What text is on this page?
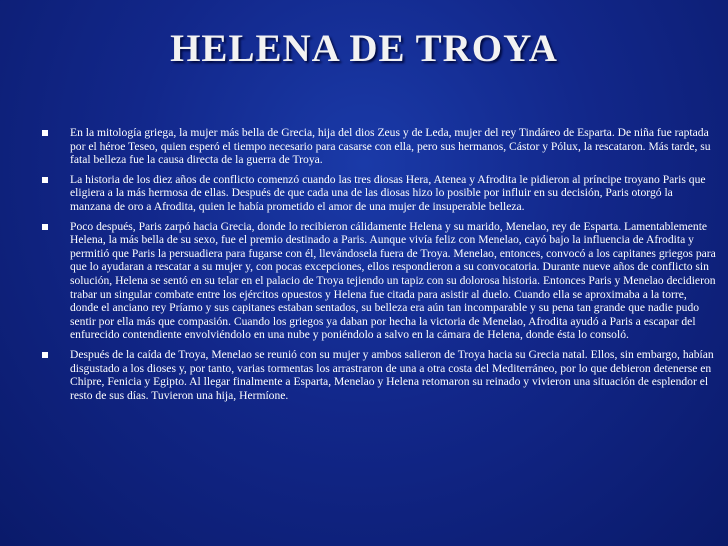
HELENA DE TROYA
En la mitología griega, la mujer más bella de Grecia, hija del dios Zeus y de Leda, mujer del rey Tindáreo de Esparta. De niña fue raptada por el héroe Teseo, quien esperó el tiempo necesario para casarse con ella, pero sus hermanos, Cástor y Pólux, la rescataron. Más tarde, su fatal belleza fue la causa directa de la guerra de Troya.
La historia de los diez años de conflicto comenzó cuando las tres diosas Hera, Atenea y Afrodita le pidieron al príncipe troyano Paris que eligiera a la más hermosa de ellas. Después de que cada una de las diosas hizo lo posible por influir en su decisión, Paris otorgó la manzana de oro a Afrodita, quien le había prometido el amor de una mujer de insuperable belleza.
Poco después, Paris zarpó hacia Grecia, donde lo recibieron cálidamente Helena y su marido, Menelao, rey de Esparta. Lamentablemente Helena, la más bella de su sexo, fue el premio destinado a Paris. Aunque vivía feliz con Menelao, cayó bajo la influencia de Afrodita y permitió que Paris la persuadiera para fugarse con él, llevándosela fuera de Troya. Menelao, entonces, convocó a los capitanes griegos para que lo ayudaran a rescatar a su mujer y, con pocas excepciones, ellos respondieron a su convocatoria. Durante nueve años de conflicto sin solución, Helena se sentó en su telar en el palacio de Troya tejiendo un tapiz con su dolorosa historia. Entonces Paris y Menelao decidieron trabar un singular combate entre los ejércitos opuestos y Helena fue citada para asistir al duelo. Cuando ella se aproximaba a la torre, donde el anciano rey Príamo y sus capitanes estaban sentados, su belleza era aún tan incomparable y su pena tan grande que nadie pudo sentir por ella más que compasión. Cuando los griegos ya daban por hecha la victoria de Menelao, Afrodita ayudó a Paris a escapar del enfurecido contendiente envolviéndolo en una nube y poniéndolo a salvo en la cámara de Helena, donde ésta lo consoló.
Después de la caída de Troya, Menelao se reunió con su mujer y ambos salieron de Troya hacia su Grecia natal. Ellos, sin embargo, habían disgustado a los dioses y, por tanto, varias tormentas los arrastraron de una a otra costa del Mediterráneo, por lo que debieron detenerse en Chipre, Fenicia y Egipto. Al llegar finalmente a Esparta, Menelao y Helena retomaron su reinado y vivieron una situación de esplendor el resto de sus días. Tuvieron una hija, Hermíone.
